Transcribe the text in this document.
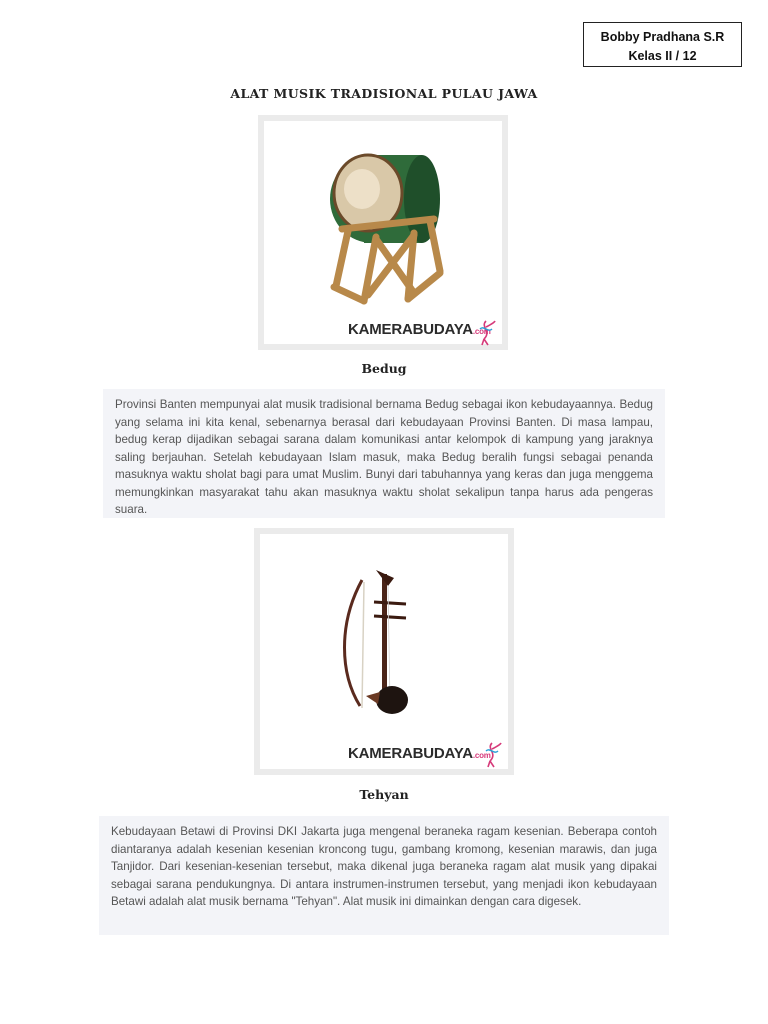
Bobby Pradhana S.R
Kelas II / 12
ALAT MUSIK TRADISIONAL PULAU JAWA
KAMERABUDAYA.com
Bedug
Provinsi Banten mempunyai alat musik tradisional bernama Bedug sebagai ikon kebudayaannya. Bedug yang selama ini kita kenal, sebenarnya berasal dari kebudayaan Provinsi Banten. Di masa lampau, bedug kerap dijadikan sebagai sarana dalam komunikasi antar kelompok di kampung yang jaraknya saling berjauhan. Setelah kebudayaan Islam masuk, maka Bedug beralih fungsi sebagai penanda masuknya waktu sholat bagi para umat Muslim. Bunyi dari tabuhannya yang keras dan juga menggema memungkinkan masyarakat tahu akan masuknya waktu sholat sekalipun tanpa harus ada pengeras suara.
KAMERABUDAYA.com
Tehyan
Kebudayaan Betawi di Provinsi DKI Jakarta juga mengenal beraneka ragam kesenian. Beberapa contoh diantaranya adalah kesenian kesenian kroncong tugu, gambang kromong, kesenian marawis, dan juga Tanjidor. Dari kesenian-kesenian tersebut, maka dikenal juga beraneka ragam alat musik yang dipakai sebagai sarana pendukungnya. Di antara instrumen-instrumen tersebut, yang menjadi ikon kebudayaan Betawi adalah alat musik bernama "Tehyan". Alat musik ini dimainkan dengan cara digesek.
